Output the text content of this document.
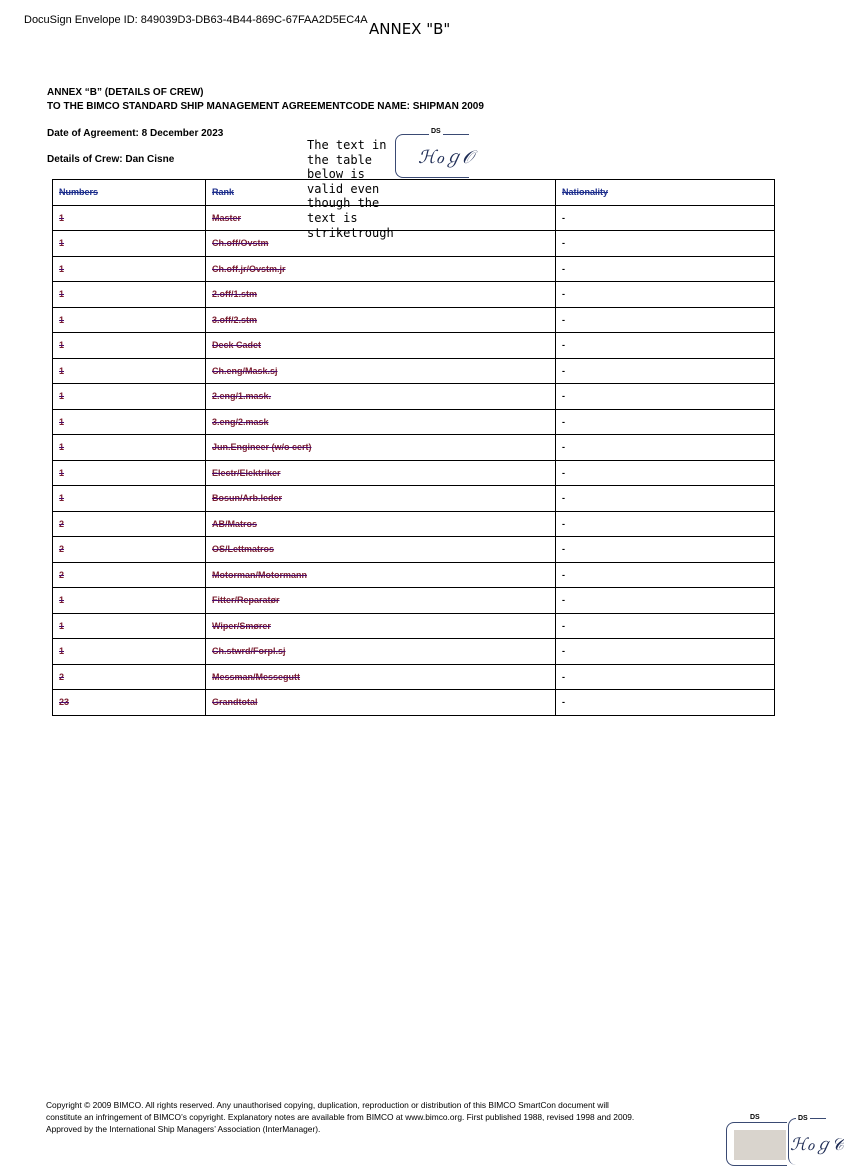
DocuSign Envelope ID: 849039D3-DB63-4B44-869C-67FAA2D5EC4A ANNEX "B"
ANNEX “B” (DETAILS OF CREW)
TO THE BIMCO STANDARD SHIP MANAGEMENT AGREEMENTCODE NAME: SHIPMAN 2009
Date of Agreement: 8 December 2023
Details of Crew: Dan Cisne
The text in
the table
below is
valid even
though the
text is
striketrough
DS
ℋℴℊ𝒪
Numbers	Rank	Nationality
1	Master	-
1	Ch.off/Ovstm	-
1	Ch.off.jr/Ovstm.jr	-
1	2.off/1.stm	-
1	3.off/2.stm	-
1	Deck Cadet	-
1	Ch.eng/Mask.sj	-
1	2.eng/1.mask.	-
1	3.eng/2.mask	-
1	Jun.Engineer (w/o cert)	-
1	Electr/Elektriker	-
1	Bosun/Arb.leder	-
2	AB/Matros	-
2	OS/Lettmatros	-
2	Motorman/Motormann	-
1	Fitter/Reparatør	-
1	Wiper/Smører	-
1	Ch.stwrd/Forpl.sj	-
2	Messman/Messegutt	-
23	Grandtotal	-
Copyright © 2009 BIMCO. All rights reserved. Any unauthorised copying, duplication, reproduction or distribution of this BIMCO SmartCon document will
constitute an infringement of BIMCO’s copyright. Explanatory notes are available from BIMCO at www.bimco.org. First published 1988, revised 1998 and 2009.
Approved by the International Ship Managers’ Association (InterManager).
DS	DS
ℋℴℊ𝒞
